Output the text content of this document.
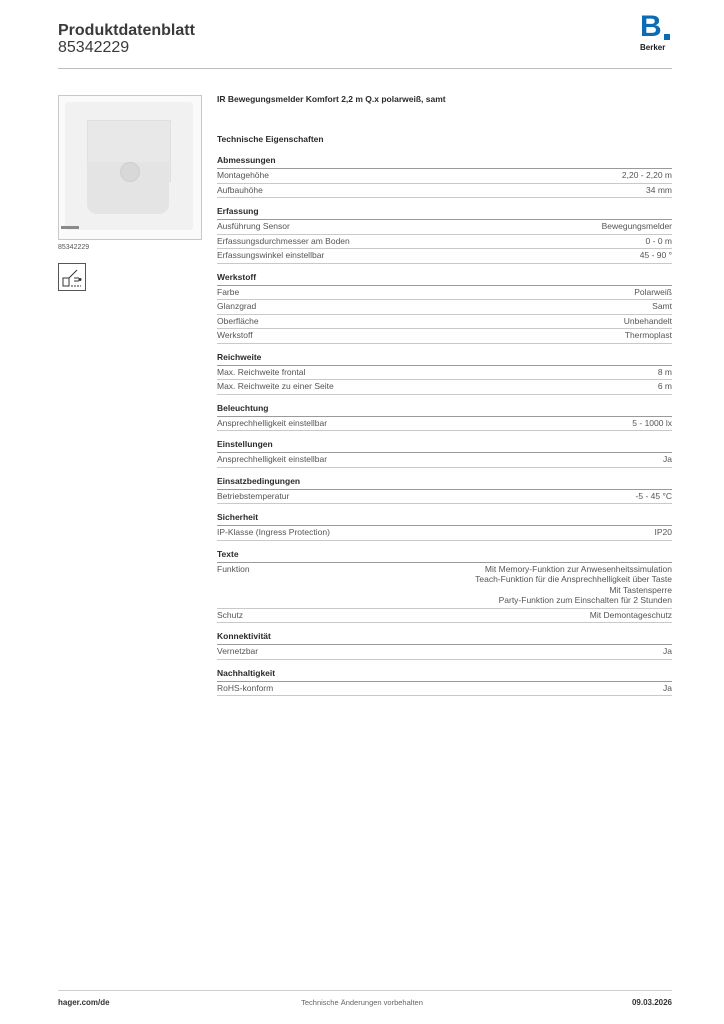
Produktdatenblatt
85342229
B
Berker
85342229
IR Bewegungsmelder Komfort 2,2 m Q.x polarweiß, samt
Technische Eigenschaften
Abmessungen
Montagehöhe	2,20 - 2,20 m
Aufbauhöhe	34 mm
Erfassung
Ausführung Sensor	Bewegungsmelder
Erfassungsdurchmesser am Boden	0 - 0 m
Erfassungswinkel einstellbar	45 - 90 °
Werkstoff
Farbe	Polarweiß
Glanzgrad	Samt
Oberfläche	Unbehandelt
Werkstoff	Thermoplast
Reichweite
Max. Reichweite frontal	8 m
Max. Reichweite zu einer Seite	6 m
Beleuchtung
Ansprechhelligkeit einstellbar	5 - 1000 lx
Einstellungen
Ansprechhelligkeit einstellbar	Ja
Einsatzbedingungen
Betriebstemperatur	-5 - 45 °C
Sicherheit
IP-Klasse (Ingress Protection)	IP20
Texte
Funktion	Mit Memory-Funktion zur Anwesenheitssimulation
Teach-Funktion für die Ansprechhelligkeit über Taste
Mit Tastensperre
Party-Funktion zum Einschalten für 2 Stunden
Schutz	Mit Demontageschutz
Konnektivität
Vernetzbar	Ja
Nachhaltigkeit
RoHS-konform	Ja
hager.com/de	Technische Änderungen vorbehalten	09.03.2026
